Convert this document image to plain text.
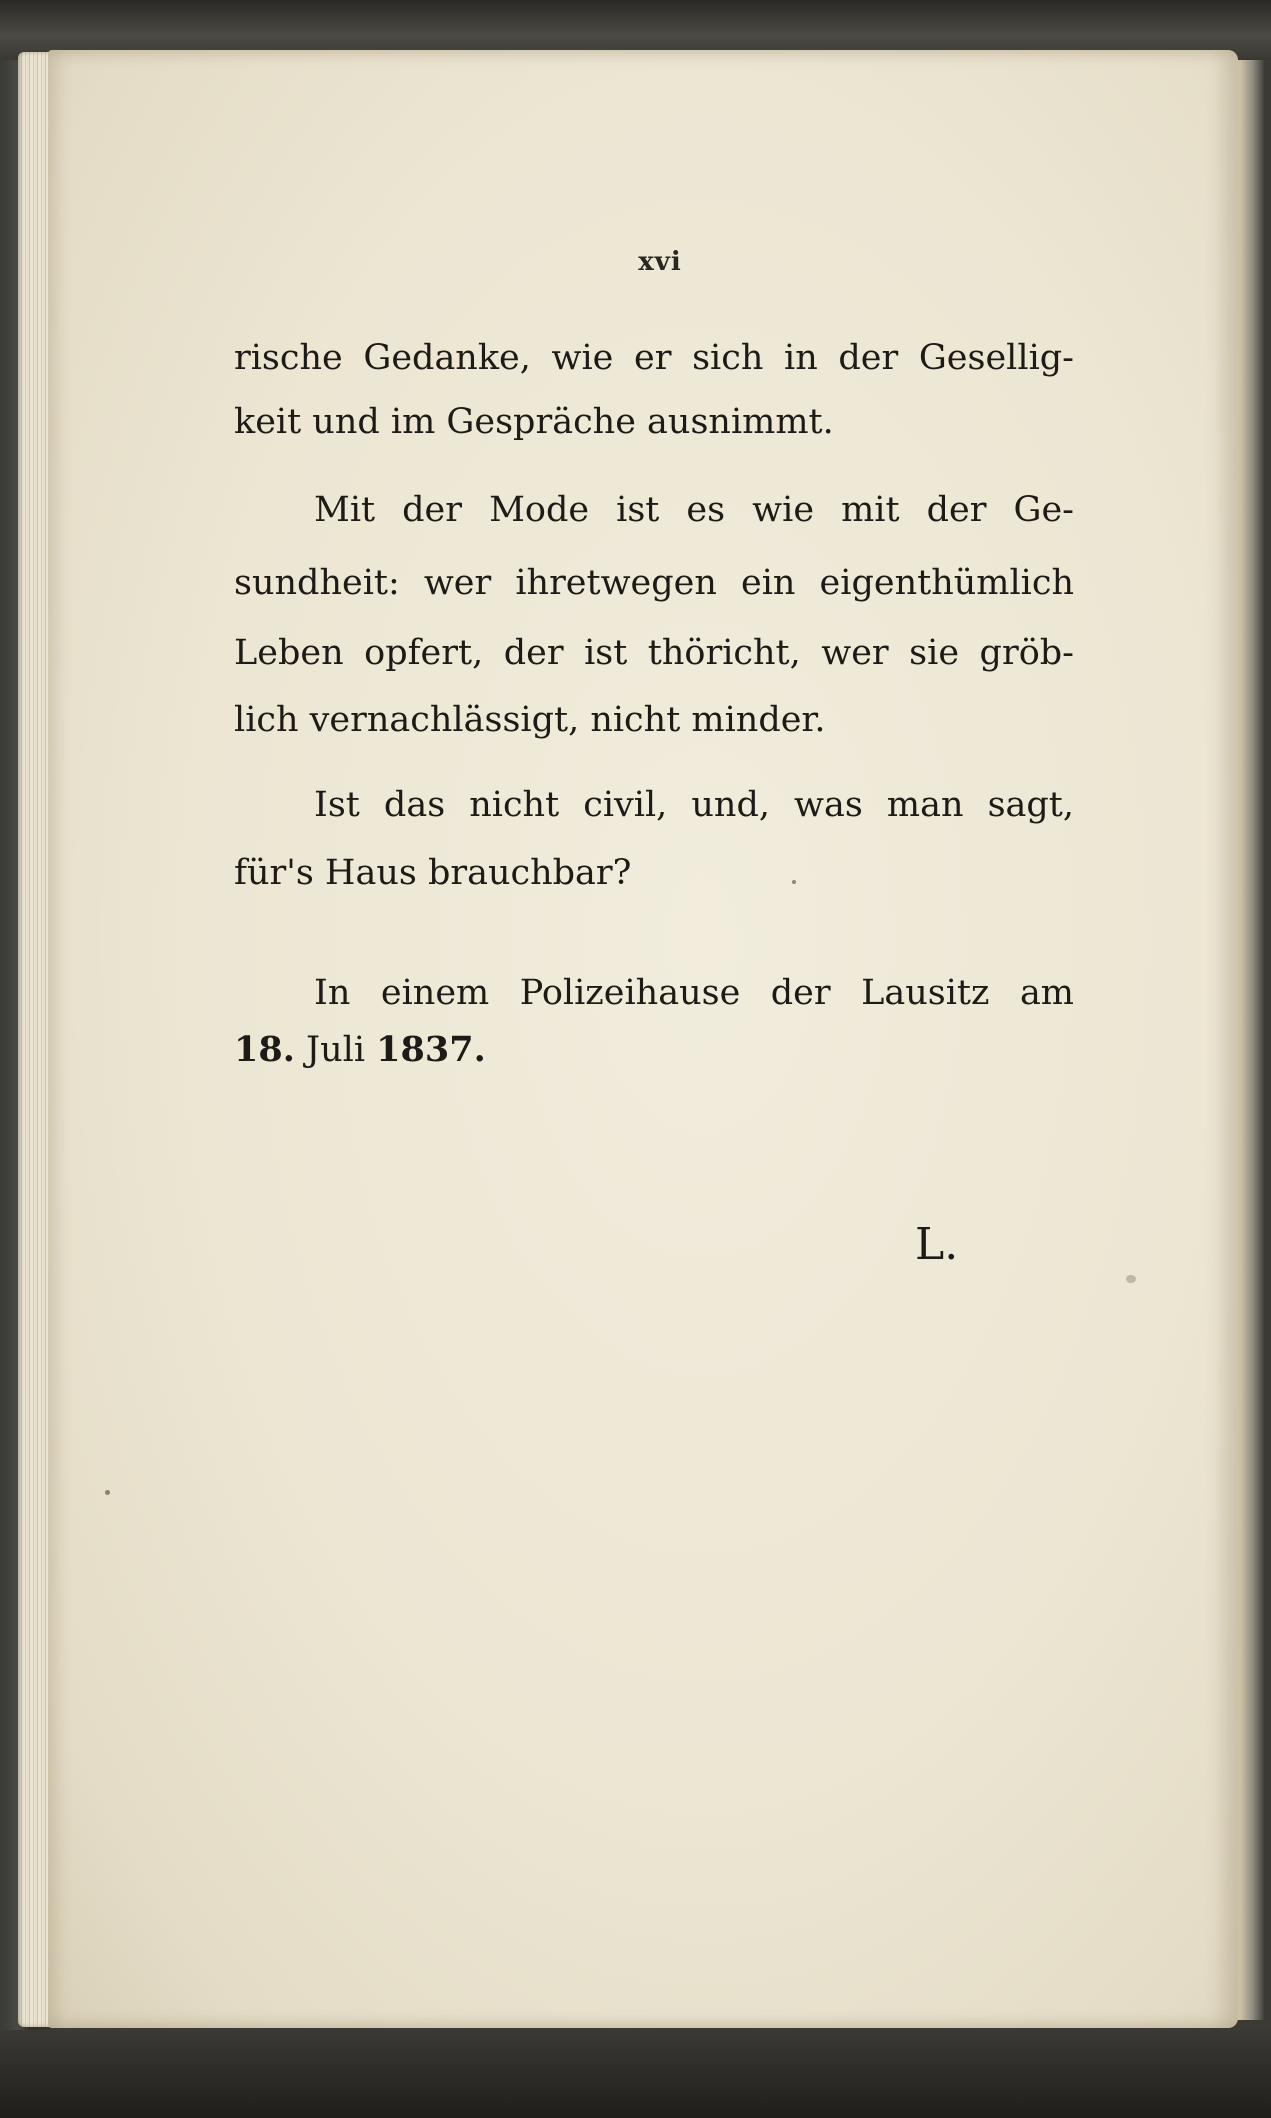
xvi
rische Gedanke, wie er sich in der Gesellig-
keit und im Gespräche ausnimmt.
Mit der Mode ist es wie mit der Ge-
sundheit: wer ihretwegen ein eigenthümlich
Leben opfert, der ist thöricht, wer sie gröb-
lich vernachlässigt, nicht minder.
Ist das nicht civil, und, was man sagt,
für's Haus brauchbar?
In einem Polizeihause der Lausitz am
18. Juli 1837.
L.
